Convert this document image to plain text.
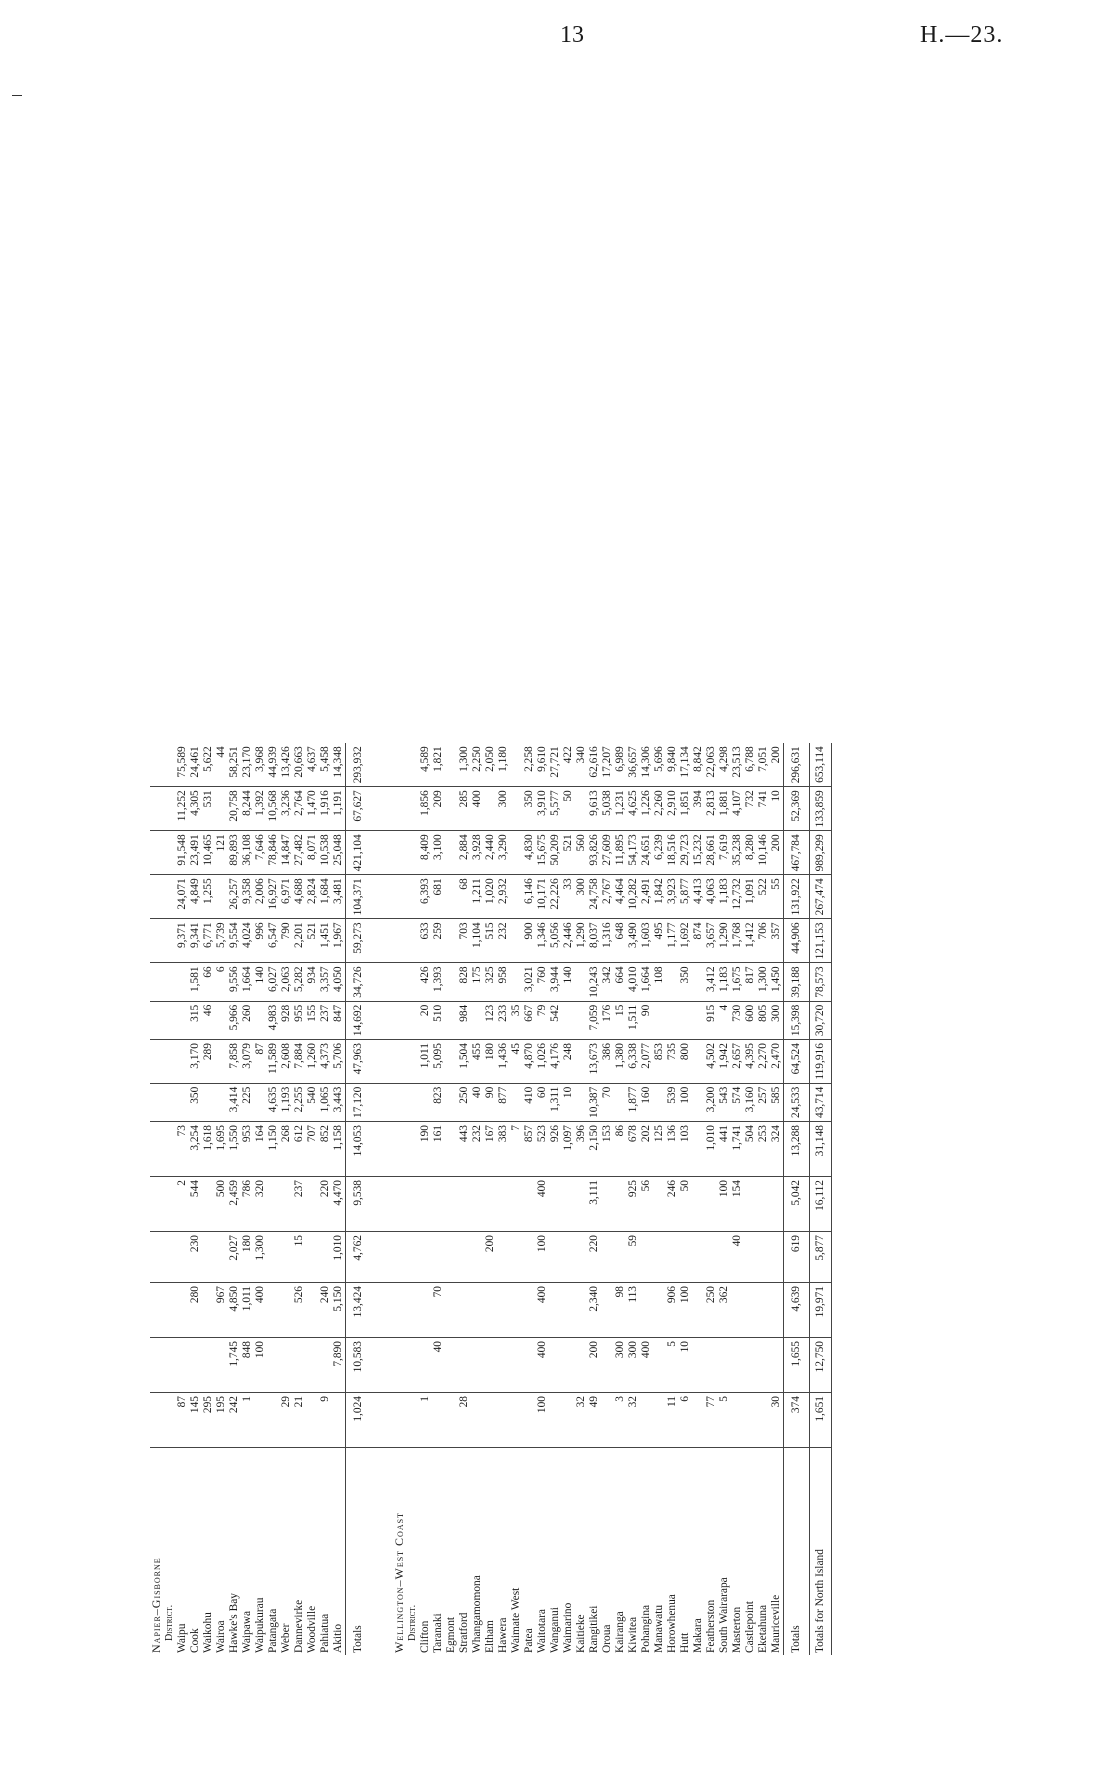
13	H.—23.
Napier–Gisborne															
District.															
Waipu	87				2	73					9,371	24,071	91,548	11,252	75,589
Cook	145		280	230	544	3,254	350	3,170	315	1,581	9,341	4,849	23,491	4,305	24,461
Waikohu	295					1,618		289	46	66	6,771	1,255	10,465	531	5,622
Wairoa	195		967		500	1,695				6	5,739		121		44
Hawke's Bay	242	1,745	4,850	2,027	2,459	1,550	3,414	7,858	5,966	9,556	9,554	26,257	89,893	20,758	58,251
Waipawa	1	848	1,011	180	786	953	225	3,079	260	1,664	4,024	9,358	36,108	8,244	23,170
Waipukurau		100	400	1,300	320	164		87		140	996	2,006	7,646	1,392	3,968
Patangata						1,150	4,635	11,589	4,983	6,027	6,547	16,927	78,846	10,568	44,939
Weber	29					268	1,193	2,608	928	2,063	790	6,971	14,847	3,236	13,426
Dannevirke	21		526	15	237	612	2,255	7,884	955	5,282	2,201	4,688	27,482	2,764	20,663
Woodville						707	540	1,260	155	934	521	2,824	8,071	1,470	4,637
Pahiatua	9		240		220	852	1,065	4,373	237	3,357	1,451	1,684	10,538	1,916	5,458
Akitio		7,890	5,150	1,010	4,470	1,158	3,443	5,706	847	4,050	1,967	3,481	25,048	1,191	14,348
Totals	1,024	10,583	13,424	4,762	9,538	14,053	17,120	47,963	14,692	34,726	59,273	104,371	421,104	67,627	293,932

Wellington–West Coast															
District.															
Clifton	1					190		1,011	20	426	633	6,393	8,409	1,856	4,589
Taranaki		40	70			161	823	5,095	510	1,393	259	681	3,100	209	1,821
Egmont															
Stratford	28					443	250	1,504	984	828	703	68	2,884	285	1,300
Whangamomona						232	40	455		175	1,104	1,211	3,928	400	2,250
Eltham				200		167	90	180	123	325	515	1,020	2,440		2,050
Hawera						383	877	1,436	233	958	232	2,932	3,290	300	1,180
Waimate West						7		45	35						
Patea						857	410	4,870	667	3,021	900	6,146	4,830	350	2,258
Waitotara	100	400	400	100	400	523	60	1,026	79	760	1,346	10,171	15,675	3,910	9,610
Wanganui						926	1,311	4,176	542	3,944	5,056	22,226	50,209	5,577	27,721
Waimarino						1,097	10	248		140	2,446	33	521	50	422
Kaitieke	32					396					1,290	300	560		340
Rangitikei	49	200	2,340	220	3,111	2,150	10,387	13,673	7,059	10,243	8,037	24,758	93,826	9,613	62,616
Oroua						153	70	386	176	342	1,316	2,767	27,609	5,038	17,207
Kairanga	3	300	98			86		1,380	15	664	648	4,464	11,895	1,231	6,989
Kiwitea	32	300	113	59	925	678	1,877	6,338	1,511	4,010	3,490	10,282	54,173	4,625	36,657
Pohangina		400			56	202	160	2,077	90	1,664	1,603	2,491	24,651	1,226	14,306
Manawatu						125		853		108	495	1,842	6,239	2,260	5,696
Horowhenua	11	5	906		246	136	539	735			1,177	3,923	18,516	2,910	9,840
Hutt	6	10	100		50	103	100	800		350	1,692	5,877	29,723	1,851	17,134
Makara											874	4,413	15,232	394	8,842
Featherston	77		250			1,010	3,200	4,502	915	3,412	3,657	4,063	28,661	2,813	22,063
South Wairarapa	5		362		100	441	543	1,942	4	1,183	1,290	1,183	7,619	1,881	4,298
Masterton				40	154	1,741	574	2,657	730	1,675	1,768	12,732	35,238	4,107	23,513
Castlepoint						504	3,160	4,395	600	817	1,412	1,091	8,280	732	6,788
Eketahuna						253	257	2,270	805	1,300	706	522	10,146	741	7,051
Mauriceville	30					324	585	2,470	300	1,450	357	55	200	10	200
Totals	374	1,655	4,639	619	5,042	13,288	24,533	64,524	15,398	39,188	44,906	131,922	467,784	52,369	296,631
Totals for North Island	1,651	12,750	19,971	5,877	16,112	31,148	43,714	119,916	30,720	78,573	121,153	267,474	989,299	133,859	653,114
